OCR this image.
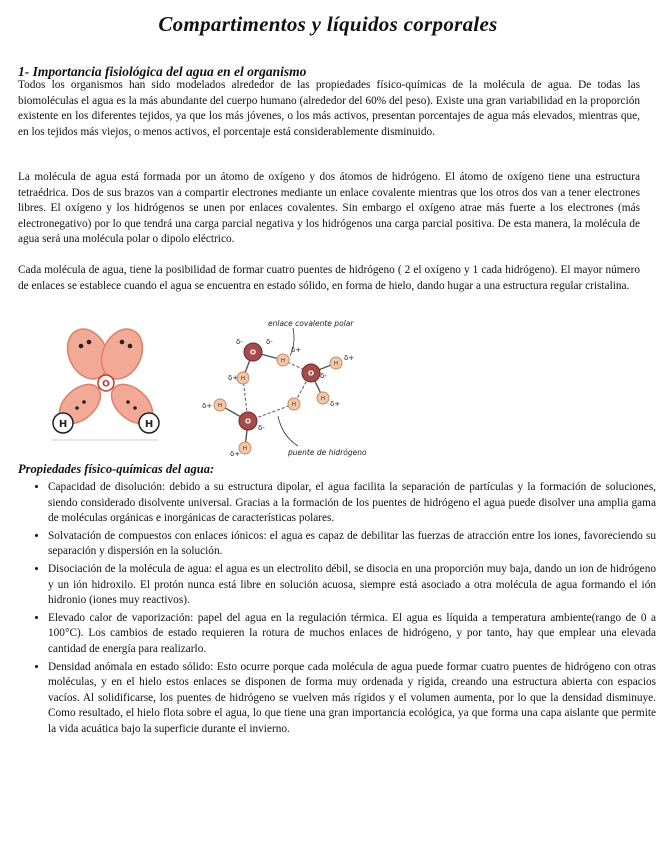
Compartimentos y líquidos corporales
1- Importancia fisiológica del agua en el organismo

Todos los organismos han sido modelados alrededor de las propiedades físico-químicas de la molécula de agua. De todas las biomoléculas el agua es la más abundante del cuerpo humano (alrededor del 60% del peso). Existe una gran variabilidad en la proporción existente en los diferentes tejidos, ya que los más jóvenes, o los más activos, presentan porcentajes de agua más elevados, mientras que, en los tejidos más viejos, o menos activos, el porcentaje está considerablemente disminuido.

La molécula de agua está formada por un átomo de oxígeno y dos átomos de hidrógeno. El átomo de oxígeno tiene una estructura tetraédrica. Dos de sus brazos van a compartir electrones mediante un enlace covalente mientras que los otros dos van a tener electrones libres. El oxígeno y los hidrógenos se unen por enlaces covalentes. Sin embargo el oxígeno atrae más fuerte a los electrones (más electronegativo) por lo que tendrá una carga parcial negativa y los hidrógenos una carga parcial positiva. De esta manera, la molécula de agua será una molécula polar o dipolo eléctrico.

Cada molécula de agua, tiene la posibilidad de formar cuatro puentes de hidrógeno ( 2 el oxígeno y 1 cada hidrógeno). El mayor número de enlaces se establece cuando el agua se encuentra en estado sólido, en forma de hielo, dando hugar a una estructura regular cristalina.

O
H	H
enlace covalente polar
O
O
O
H
H
H
H
H
H
H
δ-	δ-
δ+
δ+
δ-
δ+
δ+
δ+
δ-
δ+	puente de hidrógeno
Propiedades físico-químicas del agua:
• Capacidad de disolución: debido a su estructura dipolar, el agua facilita la separación de partículas y la formación de soluciones, siendo considerado disolvente universal. Gracias a la formación de los puentes de hidrógeno el agua puede disolver una amplia gama de moléculas orgánicas e inorgánicas de características polares.
• Solvatación de compuestos con enlaces iónicos: el agua es capaz de debilitar las fuerzas de atracción entre los iones, favoreciendo su separación y dispersión en la solución.
• Disociación de la molécula de agua: el agua es un electrolito débil, se disocia en una proporción muy baja, dando un ion de hidrógeno y un ión hidroxilo. El protón nunca está libre en solución acuosa, siempre está asociado a otra molécula de agua formando el ión hidronio (iones muy reactivos).
• Elevado calor de vaporización: papel del agua en la regulación térmica. El agua es líquida a temperatura ambiente(rango de 0 a 100°C). Los cambios de estado requieren la rotura de muchos enlaces de hidrógeno, y por tanto, hay que emplear una elevada cantidad de energía para realizarlo.
• Densidad anómala en estado sólido: Esto ocurre porque cada molécula de agua puede formar cuatro puentes de hidrógeno con otras moléculas, y en el hielo estos enlaces se disponen de forma muy ordenada y rígida, creando una estructura abierta con espacios vacíos. Al solidificarse, los puentes de hidrógeno se vuelven más rígidos y el volumen aumenta, por lo que la densidad disminuye. Como resultado, el hielo flota sobre el agua, lo que tiene una gran importancia ecológica, ya que forma una capa aislante que permite la vida acuática bajo la superficie durante el invierno.
